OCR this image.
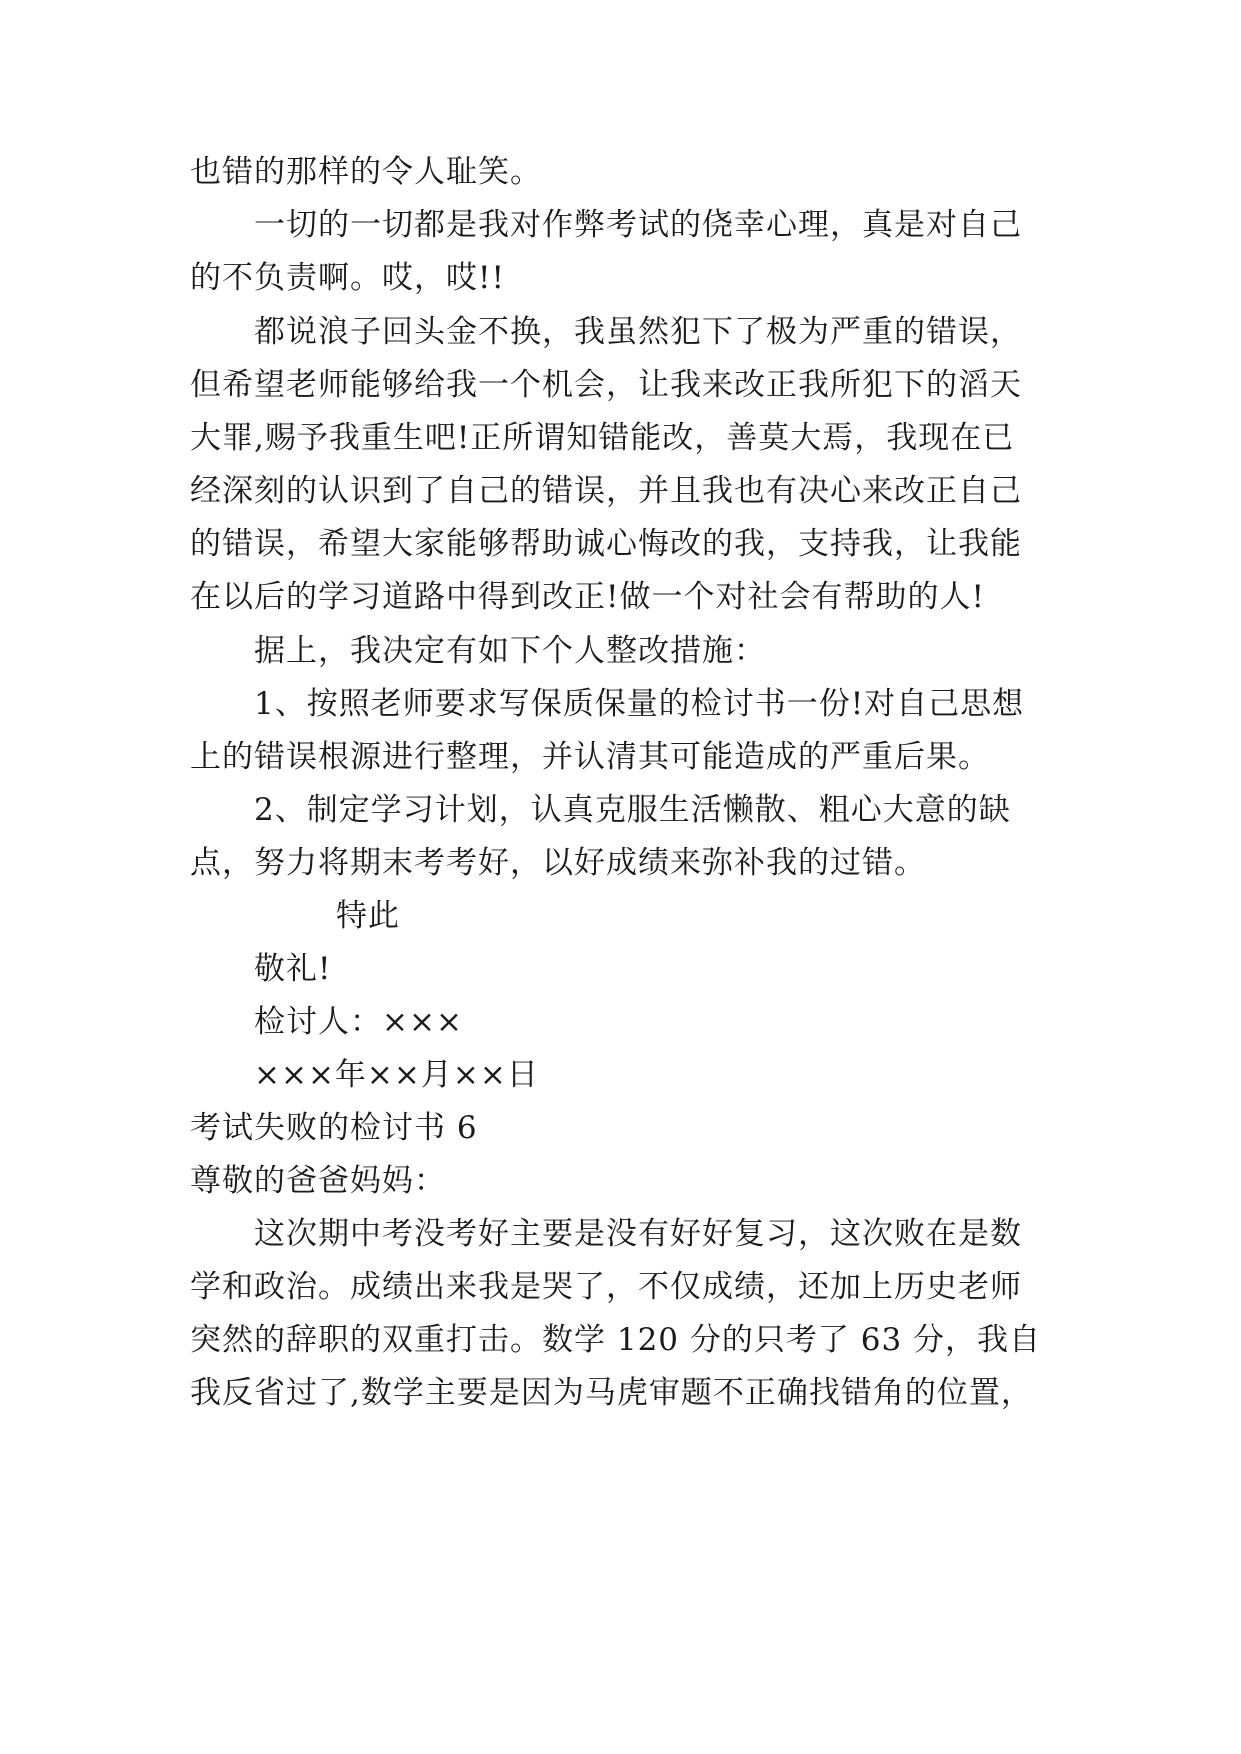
也错的那样的令人耻笑。
一切的一切都是我对作弊考试的侥幸心理，真是对自己
的不负责啊。哎，哎!!
都说浪子回头金不换，我虽然犯下了极为严重的错误，
但希望老师能够给我一个机会，让我来改正我所犯下的滔天
大罪,赐予我重生吧!正所谓知错能改，善莫大焉，我现在已
经深刻的认识到了自己的错误，并且我也有决心来改正自己
的错误，希望大家能够帮助诚心悔改的我，支持我，让我能
在以后的学习道路中得到改正!做一个对社会有帮助的人!
据上，我决定有如下个人整改措施：
1、按照老师要求写保质保量的检讨书一份!对自己思想
上的错误根源进行整理，并认清其可能造成的严重后果。
2、制定学习计划，认真克服生活懒散、粗心大意的缺
点，努力将期末考考好，以好成绩来弥补我的过错。
特此
敬礼!
检讨人：×××
×××年××月××日
考试失败的检讨书 6
尊敬的爸爸妈妈：
这次期中考没考好主要是没有好好复习，这次败在是数
学和政治。成绩出来我是哭了，不仅成绩，还加上历史老师
突然的辞职的双重打击。数学 120 分的只考了 63 分，我自
我反省过了,数学主要是因为马虎审题不正确找错角的位置，
